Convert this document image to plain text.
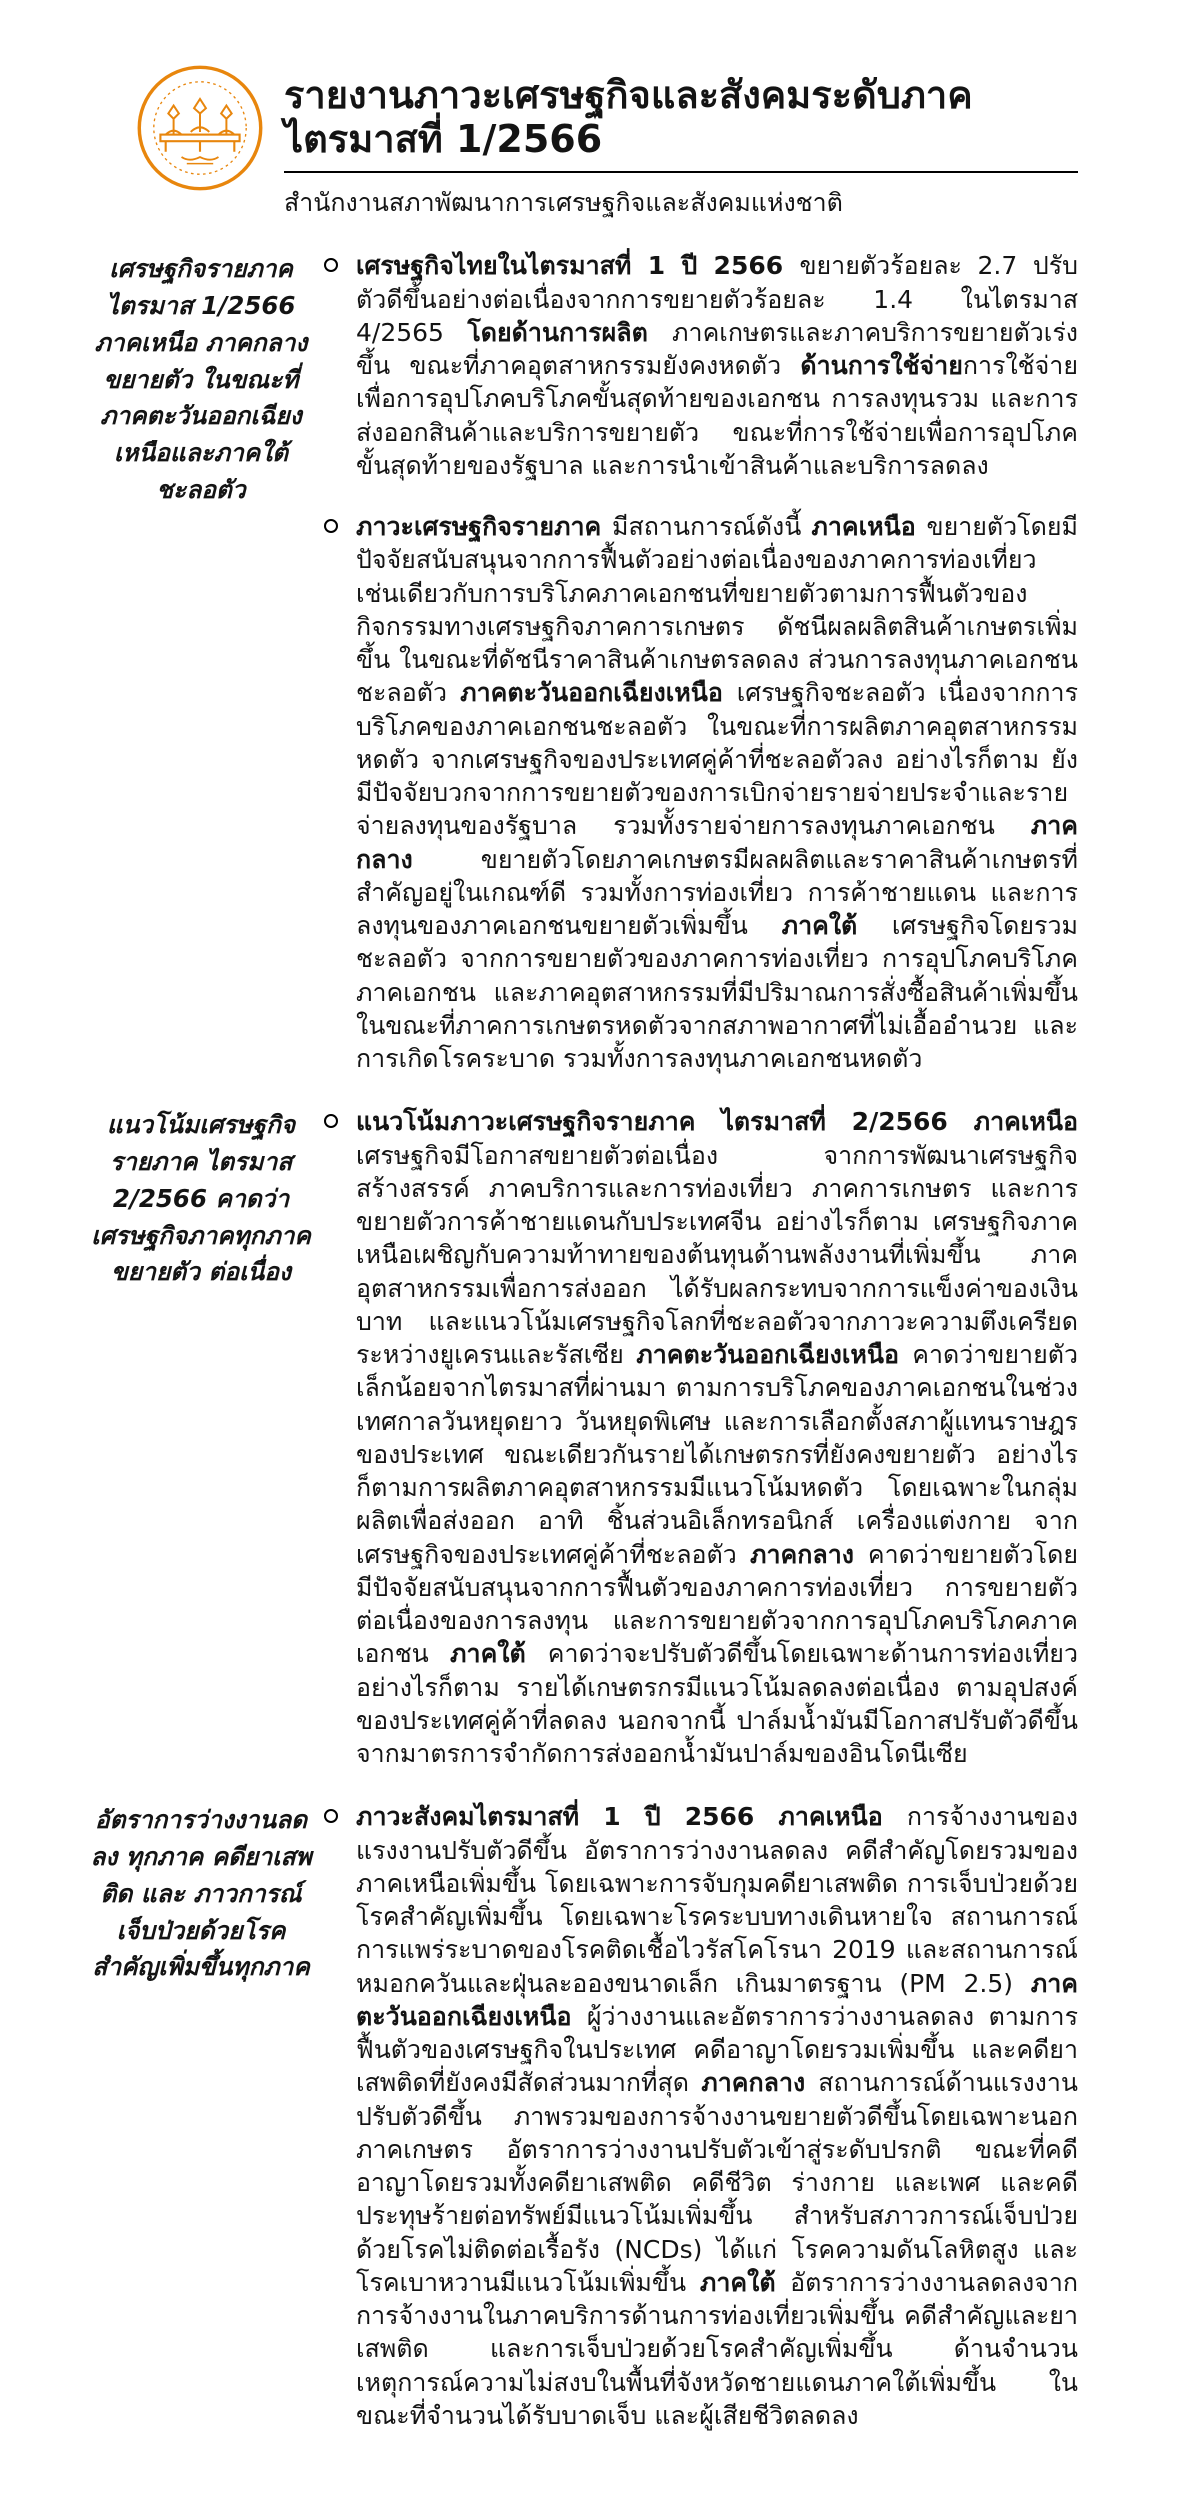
รายงานภาวะเศรษฐกิจและสังคมระดับภาค ไตรมาสที่ 1/2566
สำนักงานสภาพัฒนาการเศรษฐกิจและสังคมแห่งชาติ
เศรษฐกิจรายภาคไตรมาส 1/2566 ภาคเหนือ ภาคกลางขยายตัว ในขณะที่ภาคตะวันออกเฉียงเหนือและภาคใต้ชะลอตัว

เศรษฐกิจไทยในไตรมาสที่ 1 ปี 2566 ขยายตัวร้อยละ 2.7 ปรับตัวดีขึ้นอย่างต่อเนื่องจากการขยายตัวร้อยละ 1.4 ในไตรมาส 4/2565 โดยด้านการผลิต ภาคเกษตรและภาคบริการขยายตัวเร่งขึ้น ขณะที่ภาคอุตสาหกรรมยังคงหดตัว ด้านการใช้จ่ายการใช้จ่ายเพื่อการอุปโภคบริโภคขั้นสุดท้ายของเอกชน การลงทุนรวม และการส่งออกสินค้าและบริการขยายตัว ขณะที่การใช้จ่ายเพื่อการอุปโภคขั้นสุดท้ายของรัฐบาล และการนำเข้าสินค้าและบริการลดลง

ภาวะเศรษฐกิจรายภาค มีสถานการณ์ดังนี้ ภาคเหนือ ขยายตัวโดยมีปัจจัยสนับสนุนจากการฟื้นตัวอย่างต่อเนื่องของภาคการท่องเที่ยว เช่นเดียวกับการบริโภคภาคเอกชนที่ขยายตัวตามการฟื้นตัวของกิจกรรมทางเศรษฐกิจภาคการเกษตร ดัชนีผลผลิตสินค้าเกษตรเพิ่มขึ้น ในขณะที่ดัชนีราคาสินค้าเกษตรลดลง ส่วนการลงทุนภาคเอกชนชะลอตัว ภาคตะวันออกเฉียงเหนือ เศรษฐกิจชะลอตัว เนื่องจากการบริโภคของภาคเอกชนชะลอตัว ในขณะที่การผลิตภาคอุตสาหกรรมหดตัว จากเศรษฐกิจของประเทศคู่ค้าที่ชะลอตัวลง อย่างไรก็ตาม ยังมีปัจจัยบวกจากการขยายตัวของการเบิกจ่ายรายจ่ายประจำและรายจ่ายลงทุนของรัฐบาล รวมทั้งรายจ่ายการลงทุนภาคเอกชน ภาคกลาง ขยายตัวโดยภาคเกษตรมีผลผลิตและราคาสินค้าเกษตรที่สำคัญอยู่ในเกณฑ์ดี รวมทั้งการท่องเที่ยว การค้าชายแดน และการลงทุนของภาคเอกชนขยายตัวเพิ่มขึ้น ภาคใต้ เศรษฐกิจโดยรวมชะลอตัว จากการขยายตัวของภาคการท่องเที่ยว การอุปโภคบริโภคภาคเอกชน และภาคอุตสาหกรรมที่มีปริมาณการสั่งซื้อสินค้าเพิ่มขึ้น ในขณะที่ภาคการเกษตรหดตัวจากสภาพอากาศที่ไม่เอื้ออำนวย และการเกิดโรคระบาด รวมทั้งการลงทุนภาคเอกชนหดตัว

แนวโน้มเศรษฐกิจรายภาค ไตรมาส 2/2566 คาดว่า เศรษฐกิจภาคทุกภาคขยายตัว ต่อเนื่อง

แนวโน้มภาวะเศรษฐกิจรายภาค ไตรมาสที่ 2/2566 ภาคเหนือ เศรษฐกิจมีโอกาสขยายตัวต่อเนื่อง จากการพัฒนาเศรษฐกิจสร้างสรรค์ ภาคบริการและการท่องเที่ยว ภาคการเกษตร และการขยายตัวการค้าชายแดนกับประเทศจีน อย่างไรก็ตาม เศรษฐกิจภาคเหนือเผชิญกับความท้าทายของต้นทุนด้านพลังงานที่เพิ่มขึ้น ภาคอุตสาหกรรมเพื่อการส่งออก ได้รับผลกระทบจากการแข็งค่าของเงินบาท และแนวโน้มเศรษฐกิจโลกที่ชะลอตัวจากภาวะความตึงเครียดระหว่างยูเครนและรัสเซีย ภาคตะวันออกเฉียงเหนือ คาดว่าขยายตัวเล็กน้อยจากไตรมาสที่ผ่านมา ตามการบริโภคของภาคเอกชนในช่วงเทศกาลวันหยุดยาว วันหยุดพิเศษ และการเลือกตั้งสภาผู้แทนราษฎรของประเทศ ขณะเดียวกันรายได้เกษตรกรที่ยังคงขยายตัว อย่างไรก็ตามการผลิตภาคอุตสาหกรรมมีแนวโน้มหดตัว โดยเฉพาะในกลุ่มผลิตเพื่อส่งออก อาทิ ชิ้นส่วนอิเล็กทรอนิกส์ เครื่องแต่งกาย จากเศรษฐกิจของประเทศคู่ค้าที่ชะลอตัว ภาคกลาง คาดว่าขยายตัวโดยมีปัจจัยสนับสนุนจากการฟื้นตัวของภาคการท่องเที่ยว การขยายตัวต่อเนื่องของการลงทุน และการขยายตัวจากการอุปโภคบริโภคภาคเอกชน ภาคใต้ คาดว่าจะปรับตัวดีขึ้นโดยเฉพาะด้านการท่องเที่ยว อย่างไรก็ตาม รายได้เกษตรกรมีแนวโน้มลดลงต่อเนื่อง ตามอุปสงค์ของประเทศคู่ค้าที่ลดลง นอกจากนี้ ปาล์มน้ำมันมีโอกาสปรับตัวดีขึ้น จากมาตรการจำกัดการส่งออกน้ำมันปาล์มของอินโดนีเซีย

อัตราการว่างงานลดลง ทุกภาค คดียาเสพติด และ ภาวการณ์เจ็บป่วยด้วยโรค สำคัญเพิ่มขึ้นทุกภาค

ภาวะสังคมไตรมาสที่ 1 ปี 2566 ภาคเหนือ การจ้างงานของแรงงานปรับตัวดีขึ้น อัตราการว่างงานลดลง คดีสำคัญโดยรวมของภาคเหนือเพิ่มขึ้น โดยเฉพาะการจับกุมคดียาเสพติด การเจ็บป่วยด้วยโรคสำคัญเพิ่มขึ้น โดยเฉพาะโรคระบบทางเดินหายใจ สถานการณ์การแพร่ระบาดของโรคติดเชื้อไวรัสโคโรนา 2019 และสถานการณ์หมอกควันและฝุ่นละอองขนาดเล็ก เกินมาตรฐาน (PM 2.5) ภาคตะวันออกเฉียงเหนือ ผู้ว่างงานและอัตราการว่างงานลดลง ตามการฟื้นตัวของเศรษฐกิจในประเทศ คดีอาญาโดยรวมเพิ่มขึ้น และคดียาเสพติดที่ยังคงมีสัดส่วนมากที่สุด ภาคกลาง สถานการณ์ด้านแรงงานปรับตัวดีขึ้น ภาพรวมของการจ้างงานขยายตัวดีขึ้นโดยเฉพาะนอกภาคเกษตร อัตราการว่างงานปรับตัวเข้าสู่ระดับปรกติ ขณะที่คดีอาญาโดยรวมทั้งคดียาเสพติด คดีชีวิต ร่างกาย และเพศ และคดีประทุษร้ายต่อทรัพย์มีแนวโน้มเพิ่มขึ้น สำหรับสภาวการณ์เจ็บป่วยด้วยโรคไม่ติดต่อเรื้อรัง (NCDs) ได้แก่ โรคความดันโลหิตสูง และโรคเบาหวานมีแนวโน้มเพิ่มขึ้น ภาคใต้ อัตราการว่างงานลดลงจากการจ้างงานในภาคบริการด้านการท่องเที่ยวเพิ่มขึ้น คดีสำคัญและยาเสพติด และการเจ็บป่วยด้วยโรคสำคัญเพิ่มขึ้น ด้านจำนวนเหตุการณ์ความไม่สงบในพื้นที่จังหวัดชายแดนภาคใต้เพิ่มขึ้น ในขณะที่จำนวนได้รับบาดเจ็บ และผู้เสียชีวิตลดลง
